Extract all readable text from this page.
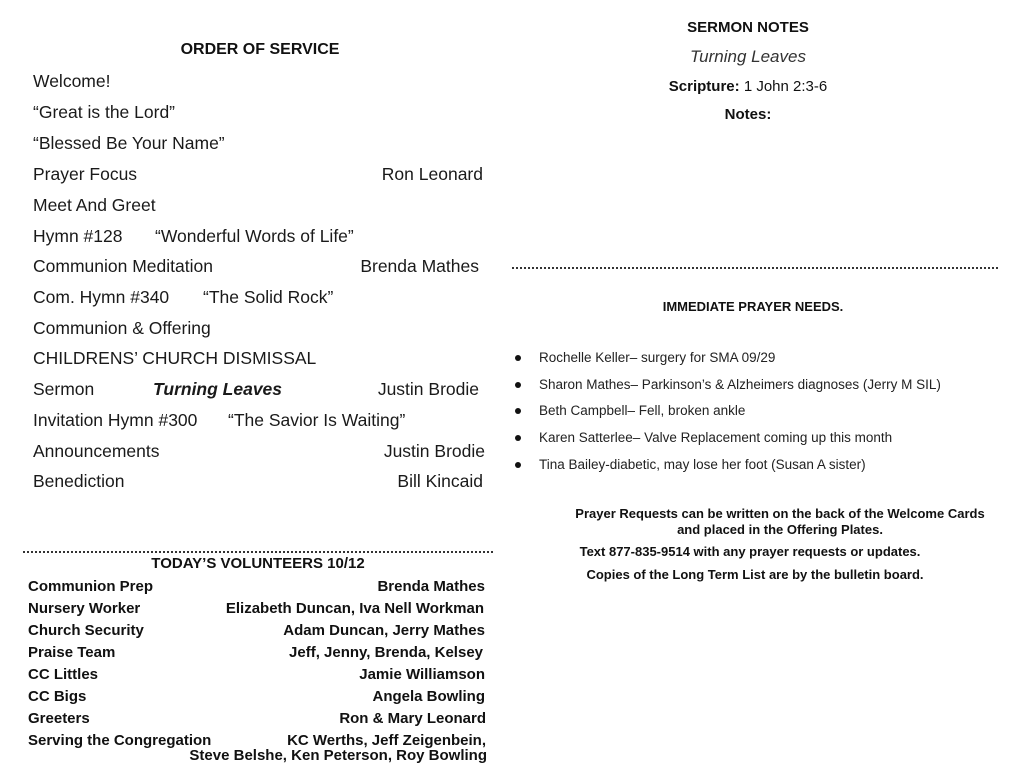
ORDER OF SERVICE
Welcome!
“Great is the Lord”
“Blessed Be Your Name”
Prayer Focus	Ron Leonard
Meet And Greet
Hymn #128 “Wonderful Words of Life”
Communion Meditation	Brenda Mathes
Com. Hymn #340 “The Solid Rock”
Communion & Offering
CHILDRENS’ CHURCH DISMISSAL
Sermon	Turning Leaves	Justin Brodie
Invitation Hymn #300 “The Savior Is Waiting”
Announcements	Justin Brodie
Benediction	Bill Kincaid
TODAY’S VOLUNTEERS 10/12
Communion Prep	Brenda Mathes
Nursery Worker	Elizabeth Duncan, Iva Nell Workman
Church Security	Adam Duncan, Jerry Mathes
Praise Team	Jeff, Jenny, Brenda, Kelsey
CC Littles	Jamie Williamson
CC Bigs	Angela Bowling
Greeters	Ron & Mary Leonard
Serving the Congregation	KC Werths, Jeff Zeigenbein,
Steve Belshe, Ken Peterson, Roy Bowling
SERMON NOTES
Turning Leaves
Scripture: 1 John 2:3-6
Notes:
IMMEDIATE PRAYER NEEDS.
Rochelle Keller– surgery for SMA 09/29
Sharon Mathes– Parkinson’s & Alzheimers diagnoses (Jerry M SIL)
Beth Campbell– Fell, broken ankle
Karen Satterlee– Valve Replacement coming up this month
Tina Bailey-diabetic, may lose her foot (Susan A sister)
Prayer Requests can be written on the back of the Welcome Cards
and placed in the Offering Plates.
Text 877-835-9514 with any prayer requests or updates.
Copies of the Long Term List are by the bulletin board.
